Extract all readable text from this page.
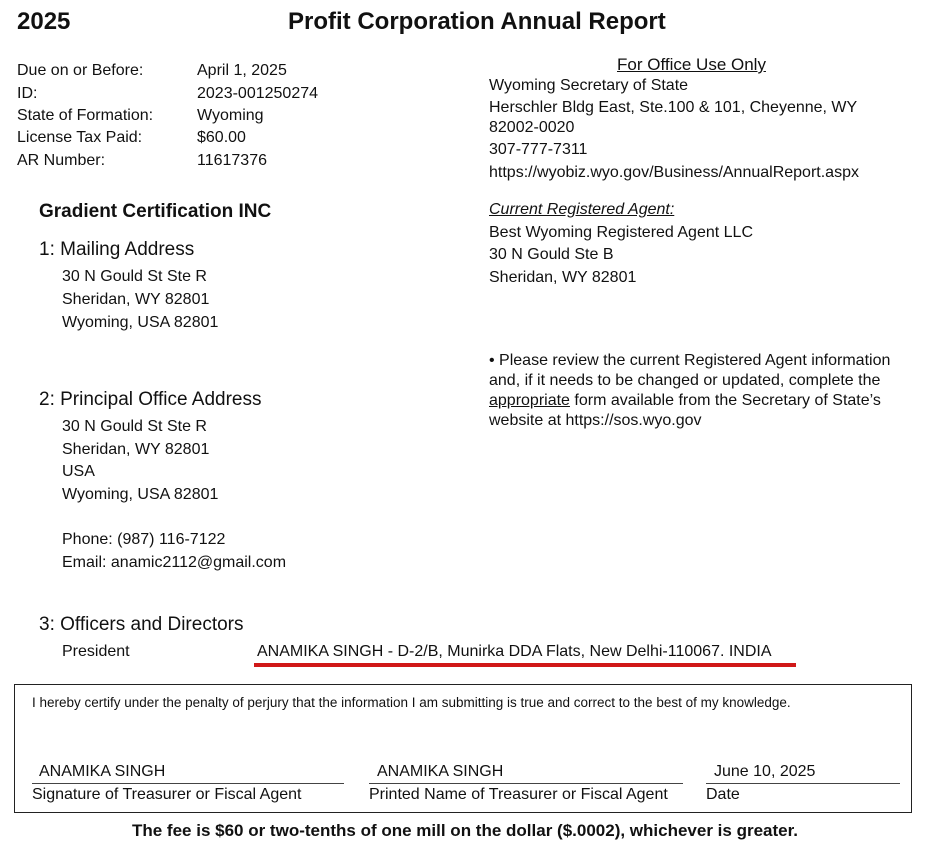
2025	Profit Corporation Annual Report
Due on or Before:	April 1, 2025
ID:	2023-001250274
State of Formation:	Wyoming
License Tax Paid:	$60.00
AR Number:	11617376
For Office Use Only
Wyoming Secretary of State
Herschler Bldg East, Ste.100 & 101, Cheyenne, WY
82002-0020
307-777-7311
https://wyobiz.wyo.gov/Business/AnnualReport.aspx
Gradient Certification INC
1: Mailing Address
30 N Gould St Ste R
Sheridan, WY 82801
Wyoming, USA 82801
Current Registered Agent:
Best Wyoming Registered Agent LLC
30 N Gould Ste B
Sheridan, WY 82801
• Please review the current Registered Agent information and, if it needs to be changed or updated, complete the appropriate form available from the Secretary of State’s website at https://sos.wyo.gov
2: Principal Office Address
30 N Gould St Ste R
Sheridan, WY 82801
USA
Wyoming, USA 82801
Phone: (987) 116-7122
Email: anamic2112@gmail.com
3: Officers and Directors
President	ANAMIKA SINGH - D-2/B, Munirka DDA Flats, New Delhi-110067. INDIA
I hereby certify under the penalty of perjury that the information I am submitting is true and correct to the best of my knowledge.
ANAMIKA SINGH
Signature of Treasurer or Fiscal Agent
ANAMIKA SINGH
Printed Name of Treasurer or Fiscal Agent
June 10, 2025
Date
The fee is $60 or two-tenths of one mill on the dollar ($.0002), whichever is greater.
